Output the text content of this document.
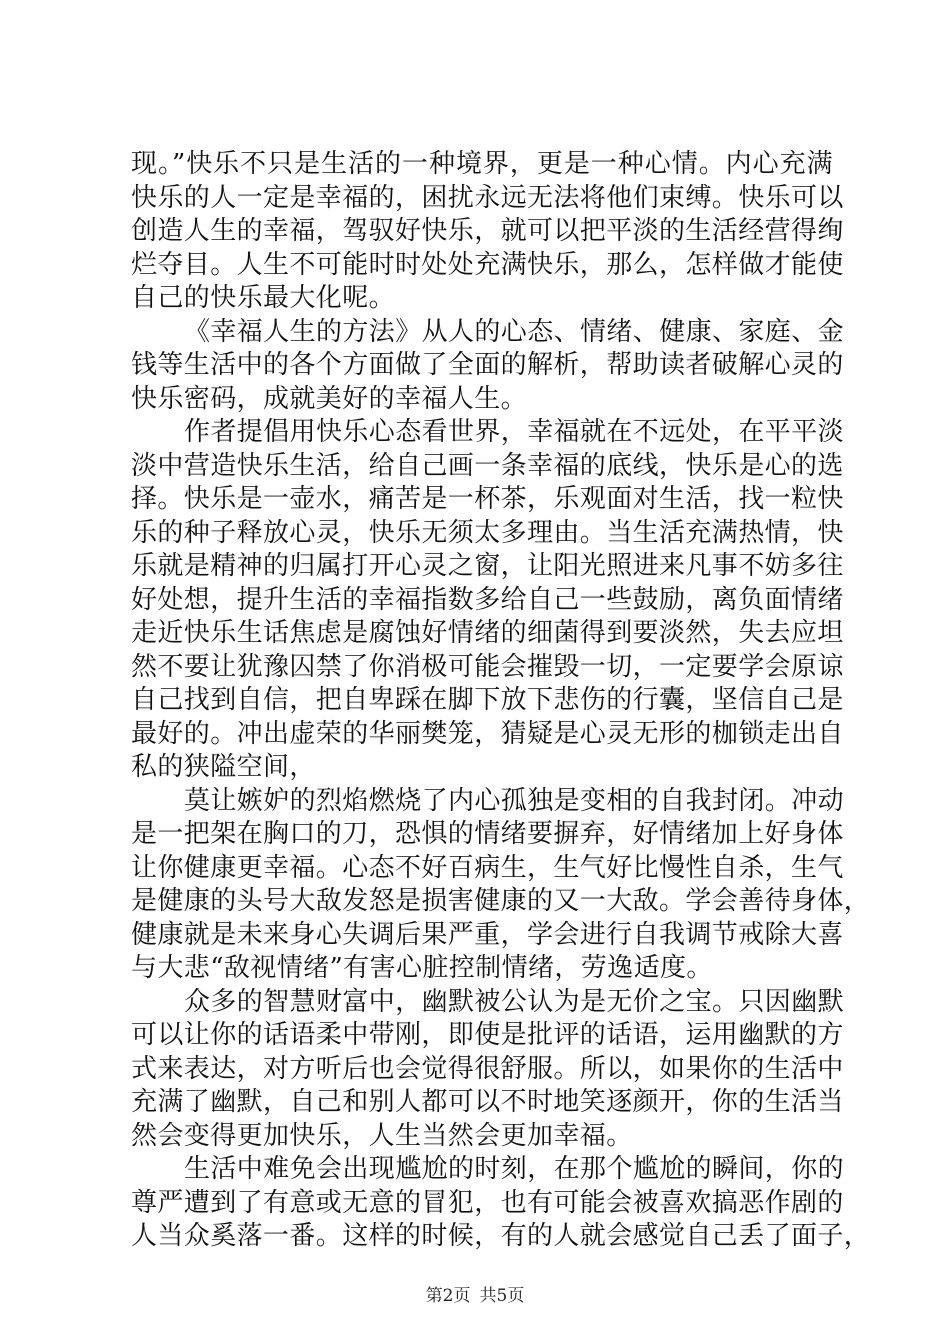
现。”快乐不只是生活的一种境界，更是一种心情。内心充满
快乐的人一定是幸福的，困扰永远无法将他们束缚。快乐可以
创造人生的幸福，驾驭好快乐，就可以把平淡的生活经营得绚
烂夺目。人生不可能时时处处充满快乐，那么，怎样做才能使
自己的快乐最大化呢。
《幸福人生的方法》从人的心态、情绪、健康、家庭、金
钱等生活中的各个方面做了全面的解析，帮助读者破解心灵的
快乐密码，成就美好的幸福人生。
作者提倡用快乐心态看世界，幸福就在不远处，在平平淡
淡中营造快乐生活，给自己画一条幸福的底线，快乐是心的选
择。快乐是一壶水，痛苦是一杯茶，乐观面对生活，找一粒快
乐的种子释放心灵，快乐无须太多理由。当生活充满热情，快
乐就是精神的归属打开心灵之窗，让阳光照进来凡事不妨多往
好处想，提升生活的幸福指数多给自己一些鼓励，离负面情绪
走近快乐生话焦虑是腐蚀好情绪的细菌得到要淡然，失去应坦
然不要让犹豫囚禁了你消极可能会摧毁一切，一定要学会原谅
自己找到自信，把自卑踩在脚下放下悲伤的行囊，坚信自己是
最好的。冲出虚荣的华丽樊笼，猜疑是心灵无形的枷锁走出自
私的狭隘空间，
莫让嫉妒的烈焰燃烧了内心孤独是变相的自我封闭。冲动
是一把架在胸口的刀，恐惧的情绪要摒弃，好情绪加上好身体
让你健康更幸福。心态不好百病生，生气好比慢性自杀，生气
是健康的头号大敌发怒是损害健康的又一大敌。学会善待身体，
健康就是未来身心失调后果严重，学会进行自我调节戒除大喜
与大悲“敌视情绪”有害心脏控制情绪，劳逸适度。
众多的智慧财富中，幽默被公认为是无价之宝。只因幽默
可以让你的话语柔中带刚，即使是批评的话语，运用幽默的方
式来表达，对方听后也会觉得很舒服。所以，如果你的生活中
充满了幽默，自己和别人都可以不时地笑逐颜开，你的生活当
然会变得更加快乐，人生当然会更加幸福。
生活中难免会出现尴尬的时刻，在那个尴尬的瞬间，你的
尊严遭到了有意或无意的冒犯，也有可能会被喜欢搞恶作剧的
人当众奚落一番。这样的时候，有的人就会感觉自己丢了面子，
第2页 共5页
